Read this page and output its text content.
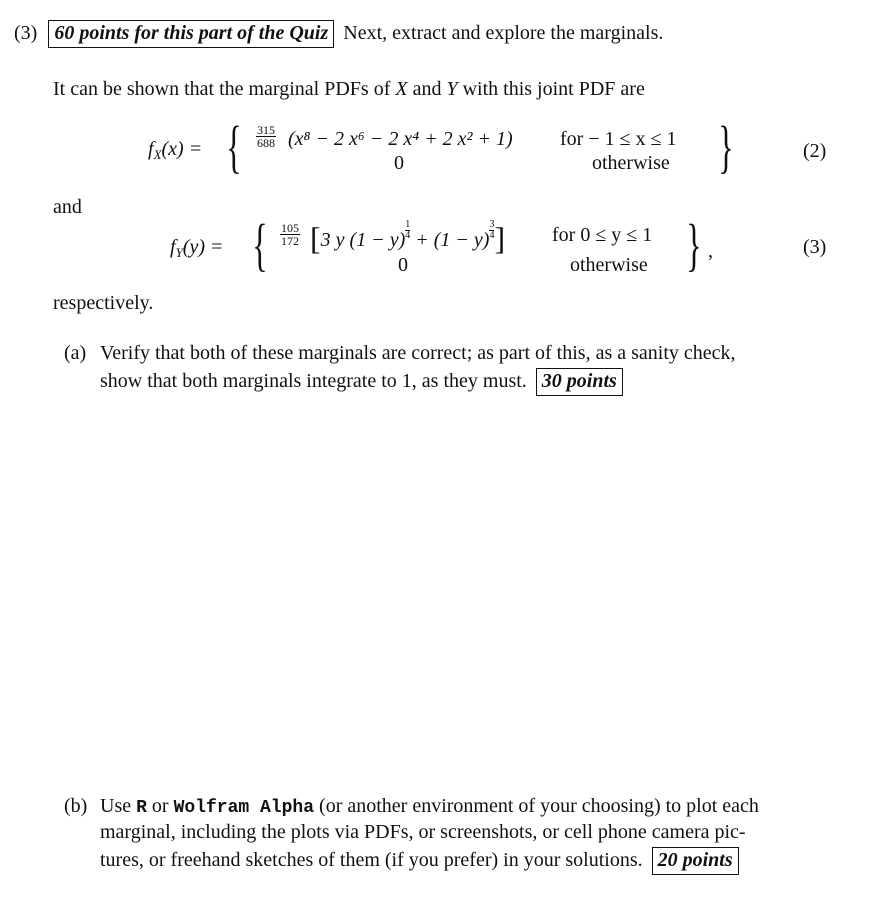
(3) 60 points for this part of the Quiz Next, extract and explore the marginals.
It can be shown that the marginal PDFs of X and Y with this joint PDF are
$f_X(x)$ = { $\frac{315}{688} (x^8 - 2$ x⁶ − 2 x⁴ + 2 x² + 1) for − 1 ≤ x ≤ 1
0	otherwise }	(2)
and
$f_Y(y)$ = { $\frac{105}{172} [3$ y $(1 - y) \frac{1}{4} + (1 - y) \frac{3}{4}$] for 0 ≤ y ≤ 1
0	otherwise } ,	(3)
respectively.
(a) Verify that both of these marginals are correct; as part of this, as a sanity check,
show that both marginals integrate to 1, as they must. 30 points
(b) Use R or Wolfram Alpha (or another environment of your choosing) to plot each
marginal, including the plots via PDFs, or screenshots, or cell phone camera pic-
tures, or freehand sketches of them (if you prefer) in your solutions. 20 points
